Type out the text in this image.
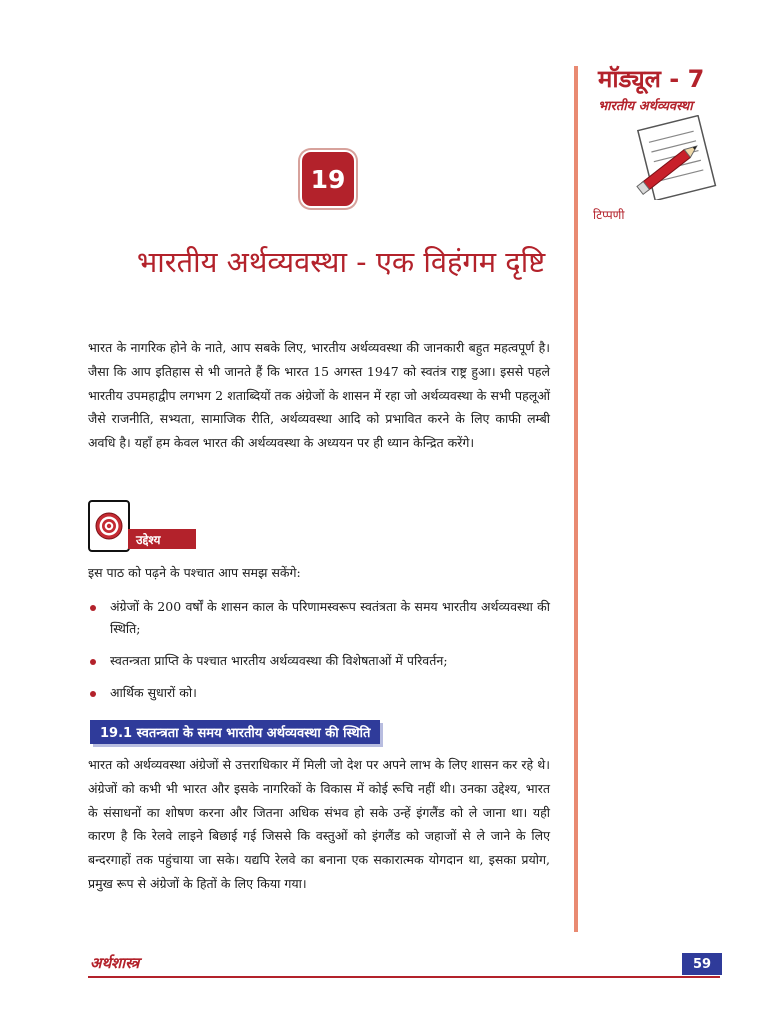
मॉड्यूल - 7
भारतीय अर्थव्यवस्था
टिप्पणी
19
भारतीय अर्थव्यवस्था - एक विहंगम दृष्टि

भारत के नागरिक होने के नाते, आप सबके लिए, भारतीय अर्थव्यवस्था की जानकारी बहुत महत्वपूर्ण है। जैसा कि आप इतिहास से भी जानते हैं कि भारत 15 अगस्त 1947 को स्वतंत्र राष्ट्र हुआ। इससे पहले भारतीय उपमहाद्वीप लगभग 2 शताब्दियों तक अंग्रेजों के शासन में रहा जो अर्थव्यवस्था के सभी पहलूओं जैसे राजनीति, सभ्यता, सामाजिक रीति, अर्थव्यवस्था आदि को प्रभावित करने के लिए काफी लम्बी अवधि है। यहाँ हम केवल भारत की अर्थव्यवस्था के अध्ययन पर ही ध्यान केन्द्रित करेंगे।

उद्देश्य
इस पाठ को पढ़ने के पश्चात आप समझ सकेंगे:
अंग्रेजों के 200 वर्षों के शासन काल के परिणामस्वरूप स्वतंत्रता के समय भारतीय अर्थव्यवस्था की स्थिति;
स्वतन्त्रता प्राप्ति के पश्चात भारतीय अर्थव्यवस्था की विशेषताओं में परिवर्तन;
आर्थिक सुधारों को।
19.1 स्वतन्त्रता के समय भारतीय अर्थव्यवस्था की स्थिति

भारत को अर्थव्यवस्था अंग्रेजों से उत्तराधिकार में मिली जो देश पर अपने लाभ के लिए शासन कर रहे थे। अंग्रेजों को कभी भी भारत और इसके नागरिकों के विकास में कोई रूचि नहीं थी। उनका उद्देश्य, भारत के संसाधनों का शोषण करना और जितना अधिक संभव हो सके उन्हें इंगलैंड को ले जाना था। यही कारण है कि रेलवे लाइने बिछाई गई जिससे कि वस्तुओं को इंगलैंड को जहाजों से ले जाने के लिए बन्दरगाहों तक पहुंचाया जा सके। यद्यपि रेलवे का बनाना एक सकारात्मक योगदान था, इसका प्रयोग, प्रमुख रूप से अंग्रेजों के हितों के लिए किया गया।

अर्थशास्त्र	59
